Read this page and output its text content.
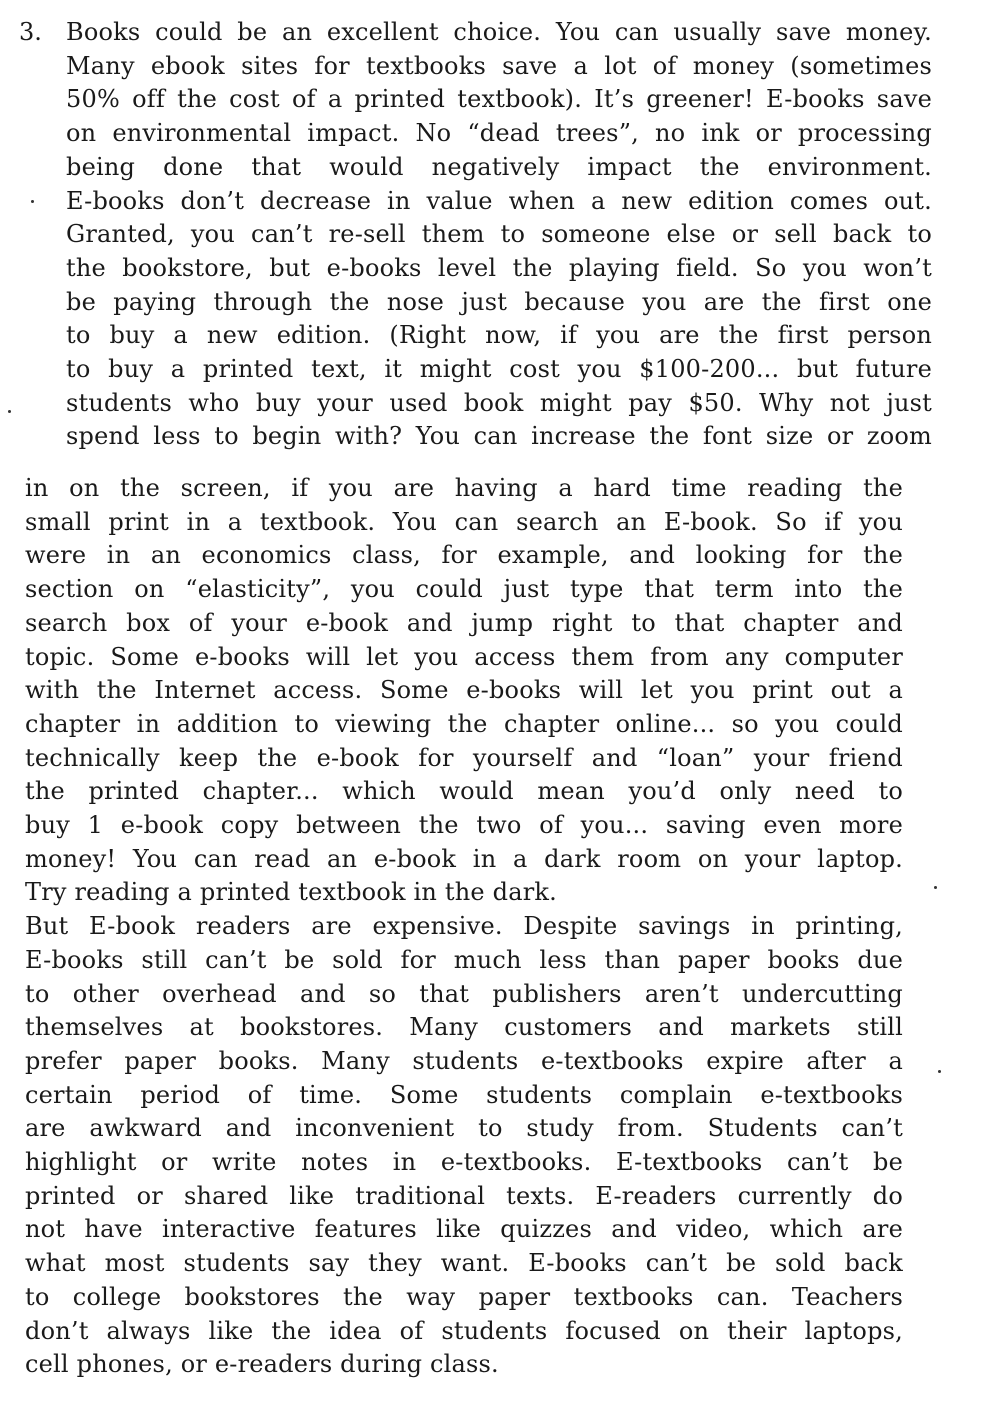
3. Books could be an excellent choice. You can usually save money.
Many ebook sites for textbooks save a lot of money (sometimes
50% off the cost of a printed textbook). It’s greener! E-books save
on environmental impact. No “dead trees”, no ink or processing
being done that would negatively impact the environment.
E-books don’t decrease in value when a new edition comes out.
Granted, you can’t re-sell them to someone else or sell back to
the bookstore, but e-books level the playing field. So you won’t
be paying through the nose just because you are the first one
to buy a new edition. (Right now, if you are the first person
to buy a printed text, it might cost you $100-200... but future
students who buy your used book might pay $50. Why not just
spend less to begin with? You can increase the font size or zoom
in on the screen, if you are having a hard time reading the
small print in a textbook. You can search an E-book. So if you
were in an economics class, for example, and looking for the
section on “elasticity”, you could just type that term into the
search box of your e-book and jump right to that chapter and
topic. Some e-books will let you access them from any computer
with the Internet access. Some e-books will let you print out a
chapter in addition to viewing the chapter online... so you could
technically keep the e-book for yourself and “loan” your friend
the printed chapter... which would mean you’d only need to
buy 1 e-book copy between the two of you... saving even more
money! You can read an e-book in a dark room on your laptop.
Try reading a printed textbook in the dark.
But E-book readers are expensive. Despite savings in printing,
E-books still can’t be sold for much less than paper books due
to other overhead and so that publishers aren’t undercutting
themselves at bookstores. Many customers and markets still
prefer paper books. Many students e-textbooks expire after a
certain period of time. Some students complain e-textbooks
are awkward and inconvenient to study from. Students can’t
highlight or write notes in e-textbooks. E-textbooks can’t be
printed or shared like traditional texts. E-readers currently do
not have interactive features like quizzes and video, which are
what most students say they want. E-books can’t be sold back
to college bookstores the way paper textbooks can. Teachers
don’t always like the idea of students focused on their laptops,
cell phones, or e-readers during class.
